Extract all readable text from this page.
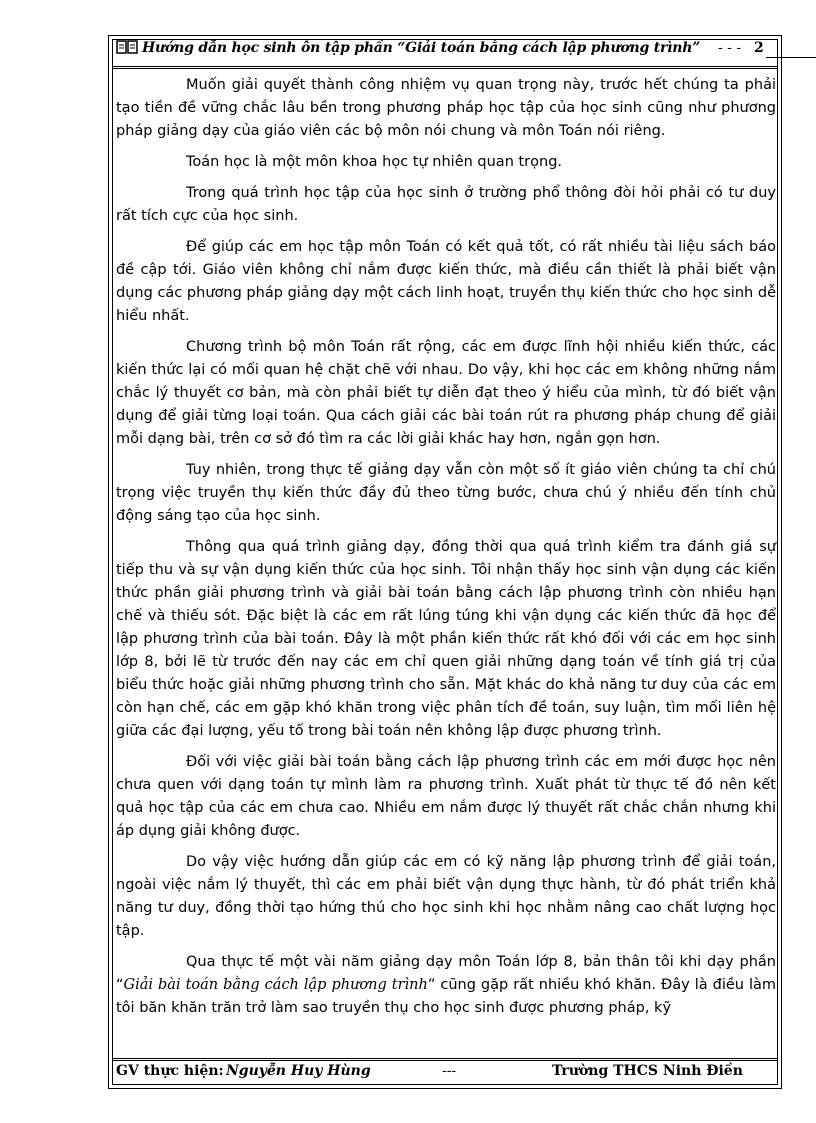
Hướng dẫn học sinh ôn tập phần “Giải toán bằng cách lập phương trình” - - - 2

Muốn giải quyết thành công nhiệm vụ quan trọng này, trước hết chúng ta phải tạo tiền đề vững chắc lâu bền trong phương pháp học tập của học sinh cũng như phương pháp giảng dạy của giáo viên các bộ môn nói chung và môn Toán nói riêng.

Toán học là một môn khoa học tự nhiên quan trọng.

Trong quá trình học tập của học sinh ở trường phổ thông đòi hỏi phải có tư duy rất tích cực của học sinh.

Để giúp các em học tập môn Toán có kết quả tốt, có rất nhiều tài liệu sách báo đề cập tới. Giáo viên không chỉ nắm được kiến thức, mà điều cần thiết là phải biết vận dụng các phương pháp giảng dạy một cách linh hoạt, truyền thụ kiến thức cho học sinh dễ hiểu nhất.

Chương trình bộ môn Toán rất rộng, các em được lĩnh hội nhiều kiến thức, các kiến thức lại có mối quan hệ chặt chẽ với nhau. Do vậy, khi học các em không những nắm chắc lý thuyết cơ bản, mà còn phải biết tự diễn đạt theo ý hiểu của mình, từ đó biết vận dụng để giải từng loại toán. Qua cách giải các bài toán rút ra phương pháp chung để giải mỗi dạng bài, trên cơ sở đó tìm ra các lời giải khác hay hơn, ngắn gọn hơn.

Tuy nhiên, trong thực tế giảng dạy vẫn còn một số ít giáo viên chúng ta chỉ chú trọng việc truyền thụ kiến thức đầy đủ theo từng bước, chưa chú ý nhiều đến tính chủ động sáng tạo của học sinh.

Thông qua quá trình giảng dạy, đồng thời qua quá trình kiểm tra đánh giá sự tiếp thu và sự vận dụng kiến thức của học sinh. Tôi nhận thấy học sinh vận dụng các kiến thức phần giải phương trình và giải bài toán bằng cách lập phương trình còn nhiều hạn chế và thiếu sót. Đặc biệt là các em rất lúng túng khi vận dụng các kiến thức đã học để lập phương trình của bài toán. Đây là một phần kiến thức rất khó đối với các em học sinh lớp 8, bởi lẽ từ trước đến nay các em chỉ quen giải những dạng toán về tính giá trị của biểu thức hoặc giải những phương trình cho sẵn. Mặt khác do khả năng tư duy của các em còn hạn chế, các em gặp khó khăn trong việc phân tích đề toán, suy luận, tìm mối liên hệ giữa các đại lượng, yếu tố trong bài toán nên không lập được phương trình.

Đối với việc giải bài toán bằng cách lập phương trình các em mới được học nên chưa quen với dạng toán tự mình làm ra phương trình. Xuất phát từ thực tế đó nên kết quả học tập của các em chưa cao. Nhiều em nắm được lý thuyết rất chắc chắn nhưng khi áp dụng giải không được.

Do vậy việc hướng dẫn giúp các em có kỹ năng lập phương trình để giải toán, ngoài việc nắm lý thuyết, thì các em phải biết vận dụng thực hành, từ đó phát triển khả năng tư duy, đồng thời tạo hứng thú cho học sinh khi học nhằm nâng cao chất lượng học tập.

Qua thực tế một vài năm giảng dạy môn Toán lớp 8, bản thân tôi khi dạy phần “Giải bài toán bằng cách lập phương trình” cũng gặp rất nhiều khó khăn. Đây là điều làm tôi băn khăn trăn trở làm sao truyền thụ cho học sinh được phương pháp, kỹ

GV thực hiện: Nguyễn Huy Hùng	---	Trường THCS Ninh Điền
